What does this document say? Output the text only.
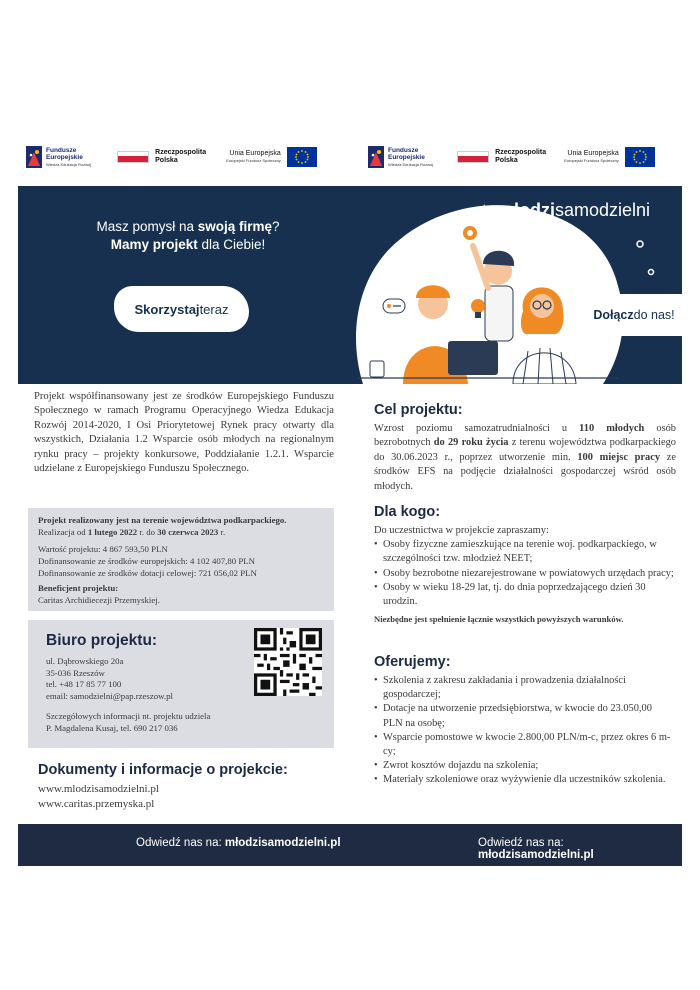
Fundusze
Europejskie
Wiedza Edukacja Rozwój
Rzeczpospolita
Polska
Unia Europejska
Europejski Fundusz Społeczny
Fundusze
Europejskie
Wiedza Edukacja Rozwój
Rzeczpospolita
Polska
Unia Europejska
Europejski Fundusz Społeczny
✦
✦
✦
młodzisamodzielni
Masz pomysł na swoją firmę?
Mamy projekt dla Ciebie!
Skorzystaj teraz	Dołącz do nas!
Projekt współfinansowany jest ze środków Europejskiego Funduszu Społecznego w ramach Programu Operacyjnego Wiedza Edukacja Rozwój 2014-2020, I Osi Priorytetowej Rynek pracy otwarty dla wszystkich, Działania 1.2 Wsparcie osób młodych na regionalnym rynku pracy – projekty konkursowe, Poddziałanie 1.2.1. Wsparcie udzielane z Europejskiego Funduszu Społecznego.
Projekt realizowany jest na terenie województwa podkarpackiego.
Realizacja od 1 lutego 2022 r. do 30 czerwca 2023 r.
Wartość projektu: 4 867 593,50 PLN
Dofinansowanie ze środków europejskich: 4 102 407,80 PLN
Dofinansowanie ze środków dotacji celowej: 721 056,02 PLN
Beneficjent projektu:
Caritas Archidiecezji Przemyskiej.
Biuro projektu:
ul. Dąbrowskiego 20a
35-036 Rzeszów
tel. +48 17 85 77 100
email: samodzielni@pap.rzeszow.pl
Szczegółowych informacji nt. projektu udziela
P. Magdalena Kusaj, tel. 690 217 036
Dokumenty i informacje o projekcie:
www.mlodzisamodzielni.pl
www.caritas.przemyska.pl
Cel projektu:
Wzrost poziomu samozatrudnialności u 110 młodych osób bezrobotnych do 29 roku życia z terenu województwa podkarpackiego do 30.06.2023 r., poprzez utworzenie min. 100 miejsc pracy ze środków EFS na podjęcie działalności gospodarczej wśród osób młodych.
Dla kogo:
Do uczestnictwa w projekcie zapraszamy:
• Osoby fizyczne zamieszkujące na terenie woj. podkarpackiego, w szczególności tzw. młodzież NEET;
• Osoby bezrobotne niezarejestrowane w powiatowych urzędach pracy;
• Osoby w wieku 18-29 lat, tj. do dnia poprzedzającego dzień 30 urodzin.
Niezbędne jest spełnienie łącznie wszystkich powyższych warunków.
Oferujemy:
• Szkolenia z zakresu zakładania i prowadzenia działalności gospodarczej;
• Dotacje na utworzenie przedsiębiorstwa, w kwocie do 23.050,00 PLN na osobę;
• Wsparcie pomostowe w kwocie 2.800,00 PLN/m-c, przez okres 6 m-cy;
• Zwrot kosztów dojazdu na szkolenia;
• Materiały szkoleniowe oraz wyżywienie dla uczestników szkolenia.
Odwiedź nas na: młodzisamodzielni.pl	Odwiedź nas na: młodzisamodzielni.pl
